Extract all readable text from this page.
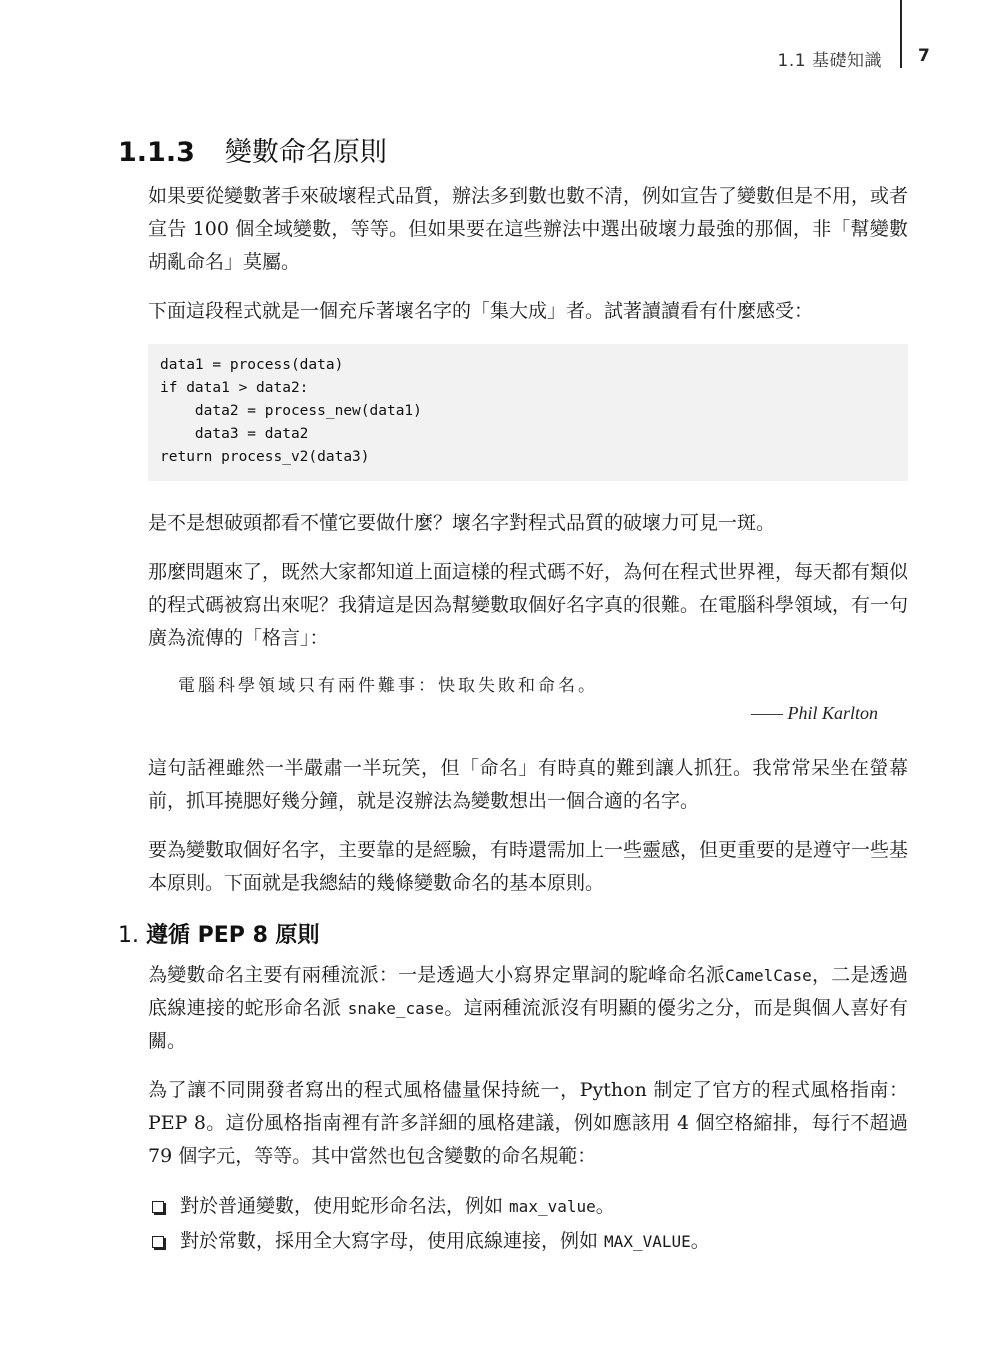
1.1 基礎知識 7
1.1.3 變數命名原則

如果要從變數著手來破壞程式品質，辦法多到數也數不清，例如宣告了變數但是不用，或者宣告 100 個全域變數，等等。但如果要在這些辦法中選出破壞力最強的那個，非「幫變數胡亂命名」莫屬。

下面這段程式就是一個充斥著壞名字的「集大成」者。試著讀讀看有什麼感受：

data1 = process(data)
if data1 > data2:
data2 = process_new(data1)
data3 = data2
return process_v2(data3)

是不是想破頭都看不懂它要做什麼？壞名字對程式品質的破壞力可見一斑。

那麼問題來了，既然大家都知道上面這樣的程式碼不好，為何在程式世界裡，每天都有類似的程式碼被寫出來呢？我猜這是因為幫變數取個好名字真的很難。在電腦科學領域，有一句廣為流傳的「格言」：

電腦科學領域只有兩件難事：快取失敗和命名。
—— Phil Karlton

這句話裡雖然一半嚴肅一半玩笑，但「命名」有時真的難到讓人抓狂。我常常呆坐在螢幕前，抓耳撓腮好幾分鐘，就是沒辦法為變數想出一個合適的名字。

要為變數取個好名字，主要靠的是經驗，有時還需加上一些靈感，但更重要的是遵守一些基本原則。下面就是我總結的幾條變數命名的基本原則。

1. 遵循 PEP 8 原則

為變數命名主要有兩種流派：一是透過大小寫界定單詞的駝峰命名派CamelCase，二是透過底線連接的蛇形命名派 snake_case。這兩種流派沒有明顯的優劣之分，而是與個人喜好有關。

為了讓不同開發者寫出的程式風格儘量保持統一，Python 制定了官方的程式風格指南：PEP 8。這份風格指南裡有許多詳細的風格建議，例如應該用 4 個空格縮排，每行不超過 79 個字元，等等。其中當然也包含變數的命名規範：

對於普通變數，使用蛇形命名法，例如 max_value。
對於常數，採用全大寫字母，使用底線連接，例如 MAX_VALUE。
